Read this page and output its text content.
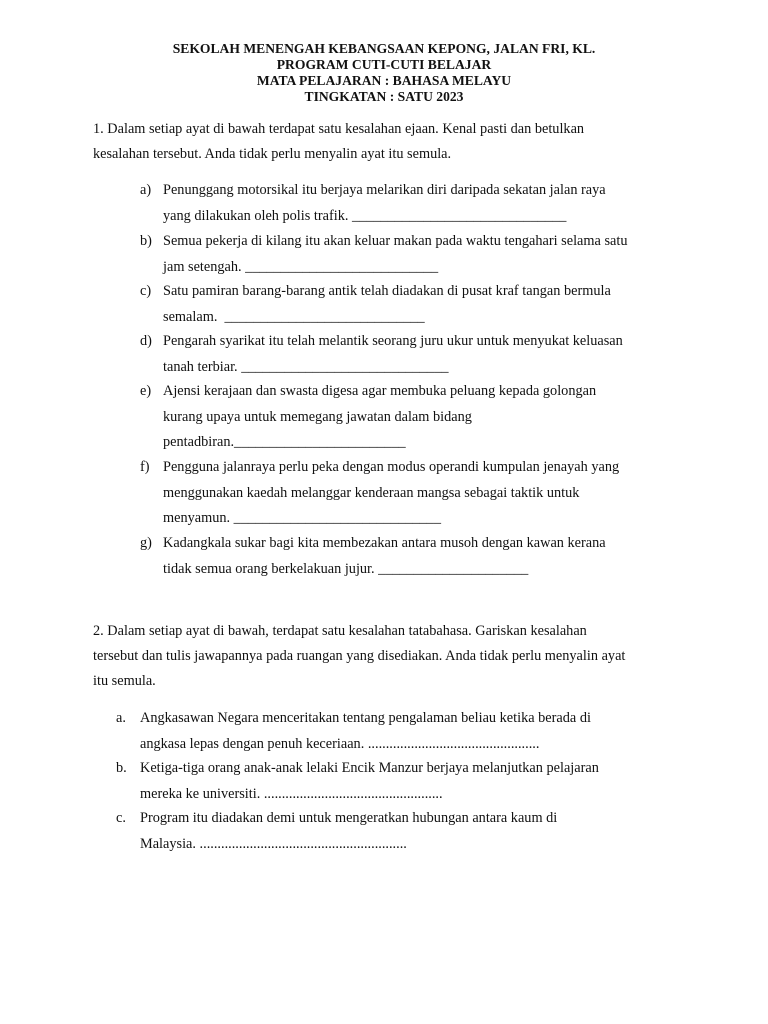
SEKOLAH MENENGAH KEBANGSAAN KEPONG, JALAN FRI, KL.
PROGRAM CUTI-CUTI BELAJAR
MATA PELAJARAN : BAHASA MELAYU
TINGKATAN : SATU 2023
1. Dalam setiap ayat di bawah terdapat satu kesalahan ejaan. Kenal pasti dan betulkan
kesalahan tersebut. Anda tidak perlu menyalin ayat itu semula.
a) Penunggang motorsikal itu berjaya melarikan diri daripada sekatan jalan raya
yang dilakukan oleh polis trafik. ______________________________
b) Semua pekerja di kilang itu akan keluar makan pada waktu tengahari selama satu
jam setengah. ___________________________
c) Satu pamiran barang-barang antik telah diadakan di pusat kraf tangan bermula
semalam.  ____________________________
d) Pengarah syarikat itu telah melantik seorang juru ukur untuk menyukat keluasan
tanah terbiar. _____________________________
e) Ajensi kerajaan dan swasta digesa agar membuka peluang kepada golongan
kurang upaya untuk memegang jawatan dalam bidang
pentadbiran.________________________
f) Pengguna jalanraya perlu peka dengan modus operandi kumpulan jenayah yang
menggunakan kaedah melanggar kenderaan mangsa sebagai taktik untuk
menyamun. _____________________________
g) Kadangkala sukar bagi kita membezakan antara musoh dengan kawan kerana
tidak semua orang berkelakuan jujur. _____________________
2. Dalam setiap ayat di bawah, terdapat satu kesalahan tatabahasa. Gariskan kesalahan
tersebut dan tulis jawapannya pada ruangan yang disediakan. Anda tidak perlu menyalin ayat
itu semula.
a. Angkasawan Negara menceritakan tentang pengalaman beliau ketika berada di
angkasa lepas dengan penuh keceriaan. ................................................
b. Ketiga-tiga orang anak-anak lelaki Encik Manzur berjaya melanjutkan pelajaran
mereka ke universiti. ..................................................
c. Program itu diadakan demi untuk mengeratkan hubungan antara kaum di
Malaysia. ..........................................................
